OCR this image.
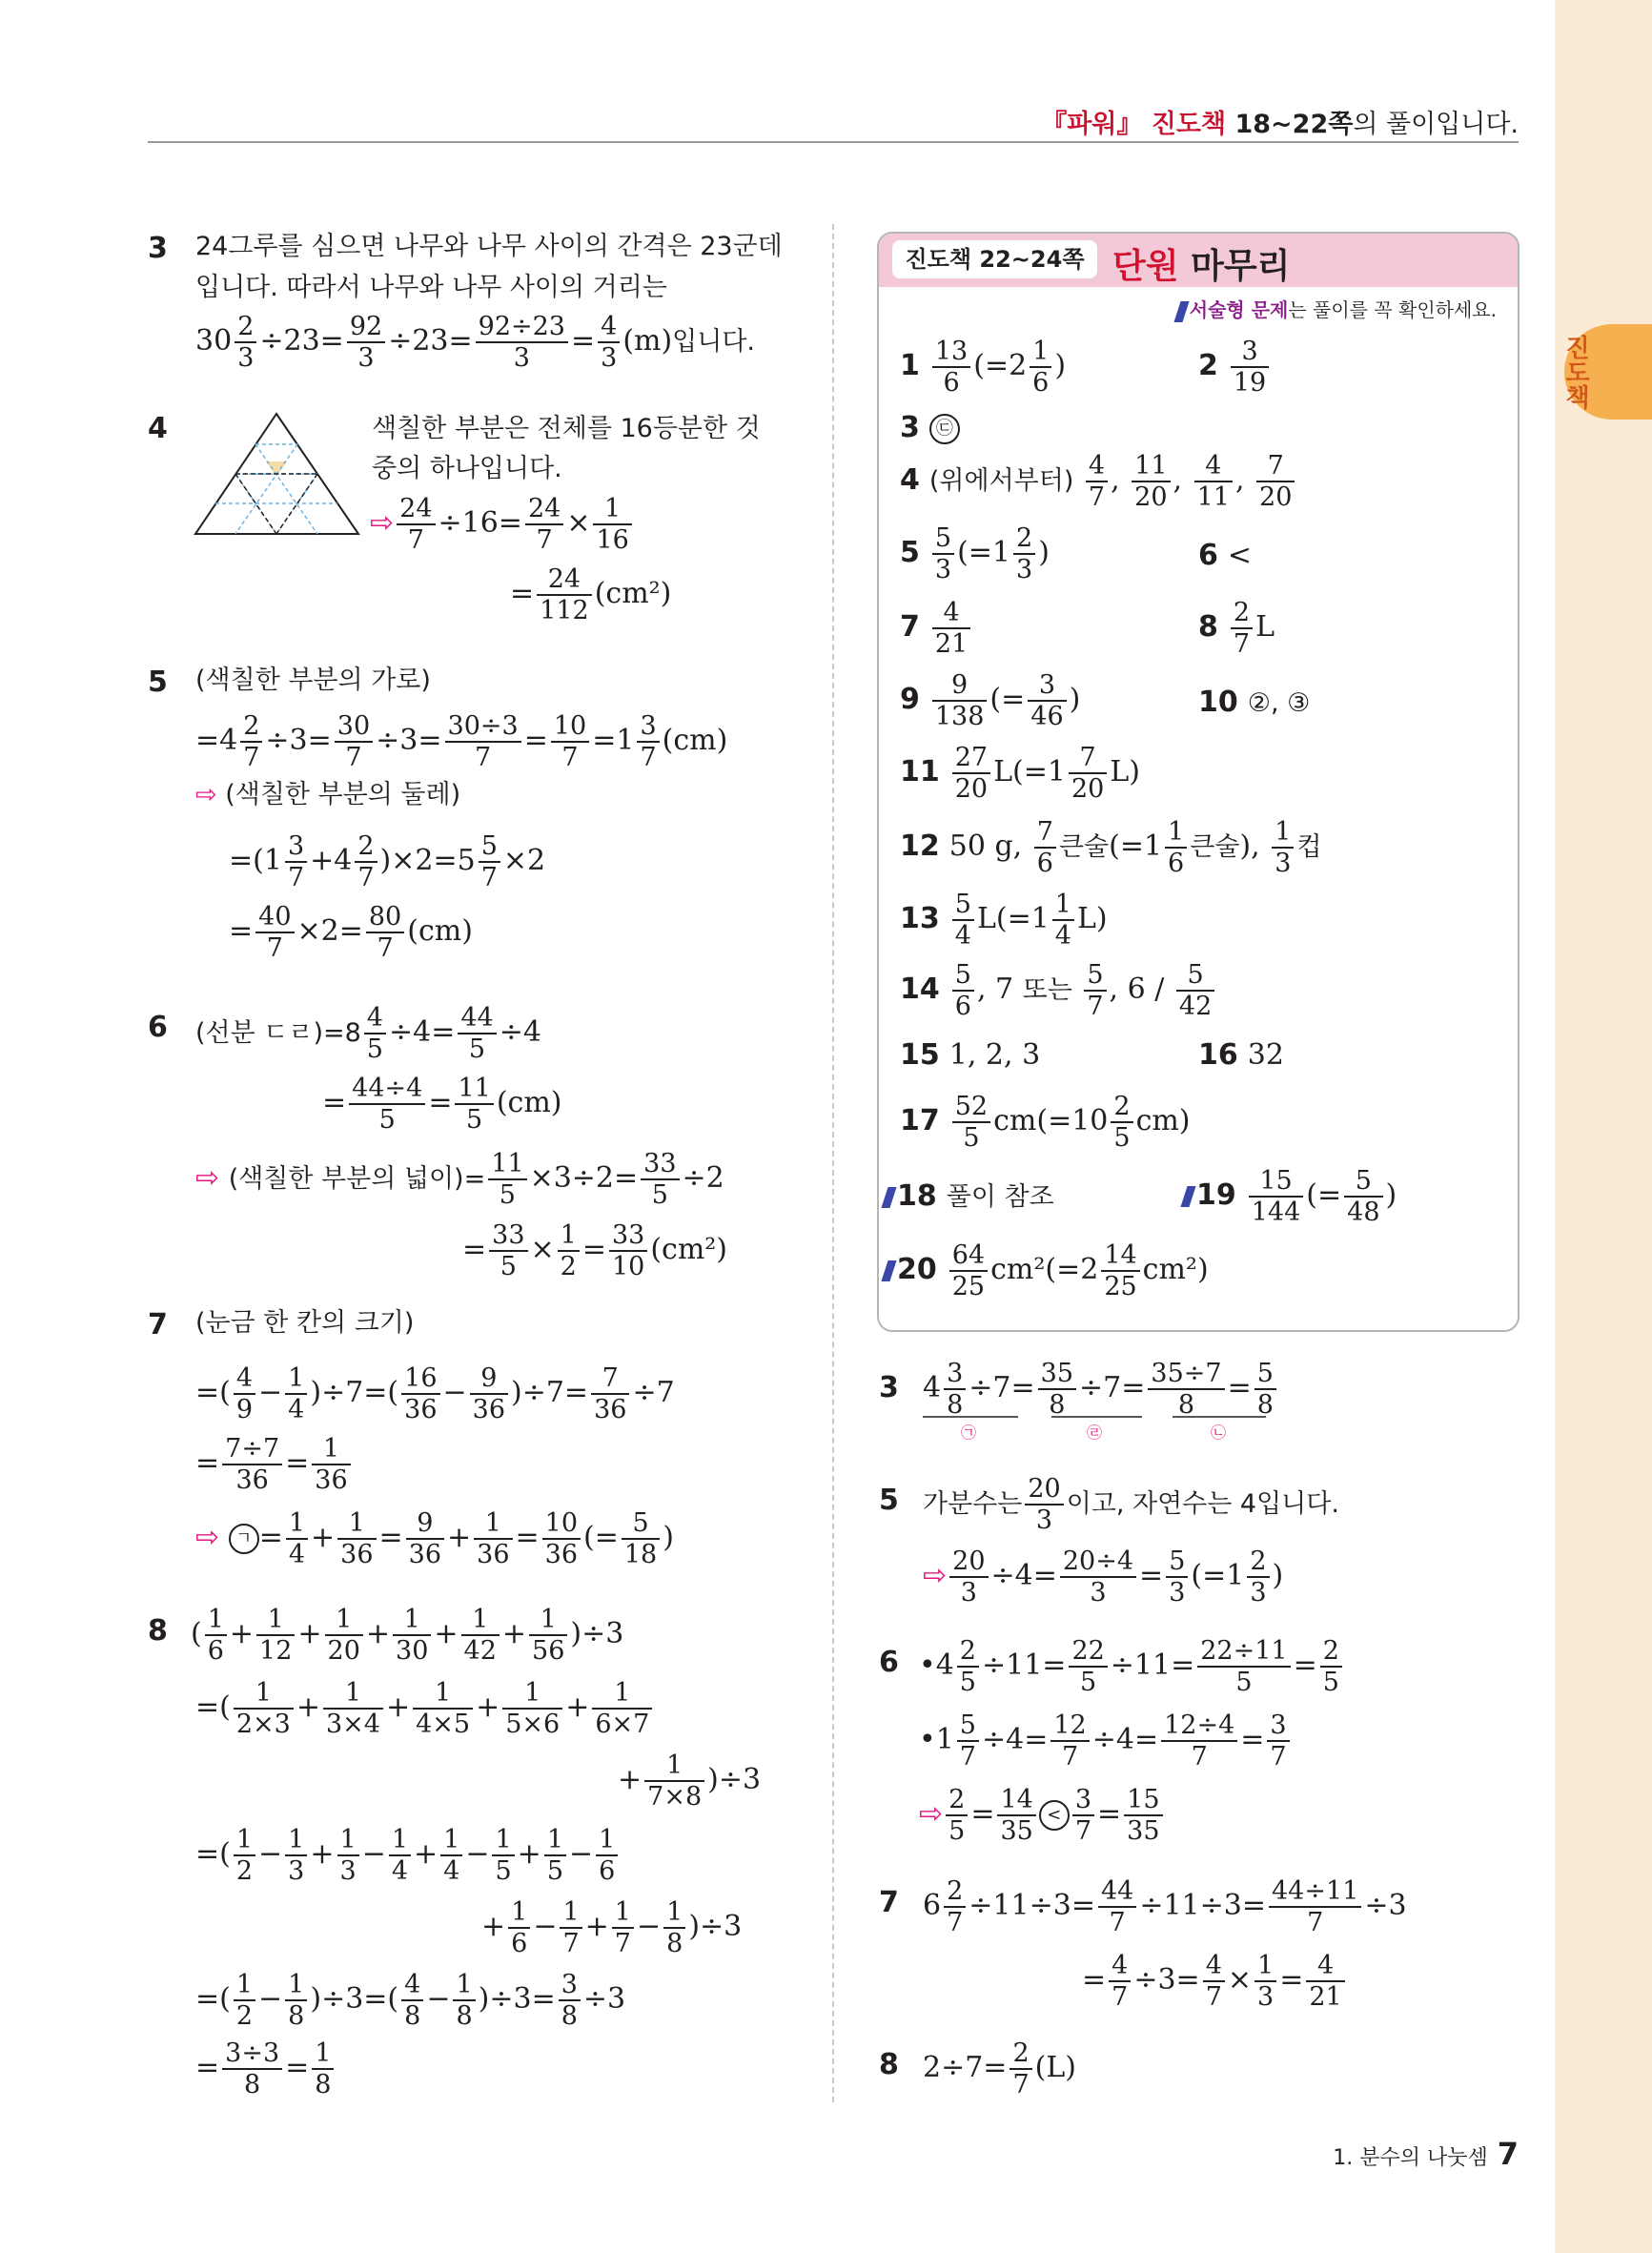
진도책
『파워』 진도책 18~22쪽의 풀이입니다.
3 24그루를 심으면 나무와 나무 사이의 간격은 23군데
입니다. 따라서 나무와 나무 사이의 거리는
$30 \frac{2}{3} \div 23= \frac{92}{3} \div 23= \frac{92\div 23}{3} = \frac{4}{3} (m)$입니다.
4	색칠한 부분은 전체를 16등분한 것
중의 하나입니다.
⇨ $\frac{24}{7} \div 16= \frac{24}{7} \times \frac{1}{16}$
= $\frac{24}{112} (cm^2)$
5 (색칠한 부분의 가로)
$=4 \frac{2}{7} \div 3= \frac{30}{7} \div 3= \frac{30\div 3}{7} = \frac{10}{7} =1 \frac{3}{7} (cm)$
⇨ (색칠한 부분의 둘레)
$=(1 \frac{3}{7} +4 \frac{2}{7} )\times 2=5 \frac{5}{7} \times 2$
= $\frac{40}{7} \times 2= \frac{80}{7} (cm)$
6 (선분 ㄷㄹ)$=8 \frac{4}{5} \div 4= \frac{44}{5} \div 4$
= $\frac{44\div 4}{5} = \frac{11}{5} (cm)$
⇨ (색칠한 부분의 넓이)= $\frac{11}{5} \times 3\div 2= \frac{33}{5} \div 2$
= $\frac{33}{5} \times \frac{1}{2} = \frac{33}{10} (cm^2)$
7 (눈금 한 칸의 크기)
=( $\frac{4}{9} - \frac{1}{4} )\div 7=( \frac{16}{36} - \frac{9}{36} )\div 7= \frac{7}{36} \div 7$
= $\frac{7\div 7}{36} = \frac{1}{36}$
⇨ ㄱ = $\frac{1}{4} + \frac{1}{36} = \frac{9}{36} + \frac{1}{36} = \frac{10}{36}$ (= $\frac{5}{18}$ )
8 ( $\frac{1}{6} + \frac{1}{12} + \frac{1}{20} + \frac{1}{30} + \frac{1}{42} + \frac{1}{56} )\div 3$
=( $\frac{1}{2\times 3} + \frac{1}{3\times 4} + \frac{1}{4\times 5} + \frac{1}{5\times 6} + \frac{1}{6\times 7}$
+ $\frac{1}{7\times 8} )\div 3$
=( $\frac{1}{2} - \frac{1}{3} + \frac{1}{3} - \frac{1}{4} + \frac{1}{4} - \frac{1}{5} + \frac{1}{5} - \frac{1}{6}$
+ $\frac{1}{6} - \frac{1}{7} + \frac{1}{7} - \frac{1}{8} )\div 3$
=( $\frac{1}{2} - \frac{1}{8} )\div 3=( \frac{4}{8} - \frac{1}{8} )\div 3= \frac{3}{8} \div 3$
= $\frac{3\div 3}{8} = \frac{1}{8}$
진도책 22~24쪽 단원 마무리
서술형 문제는 풀이를 꼭 확인하세요.
$1 \frac{13}{6} (=2 \frac{1}{6}$ )	$2 \frac{3}{19}$
3 ㉢
4 (위에서부터) $\frac{4}{7}$ , $\frac{11}{20}$ , $\frac{4}{11}$ , $\frac{7}{20}$
$5 \frac{5}{3} (=1 \frac{2}{3}$ )	6 <
$7 \frac{4}{21}$	$8 \frac{2}{7}$ L
$9 \frac{9}{138}$ (= $\frac{3}{46}$ )	10 ②, ③
$11 \frac{27}{20} L(=1 \frac{7}{20} L)$
12 50 g, $\frac{7}{6}$ 큰술($=1 \frac{1}{6}$ 큰술), $\frac{1}{3}$ 컵
$13 \frac{5}{4} L(=1 \frac{1}{4} L)$
$14 \frac{5}{6}$ , 7 또는 $\frac{5}{7}$ , $6 / \frac{5}{42}$
15 1, 2, 3	16 32
$17 \frac{52}{5} cm(=10 \frac{2}{5} cm)$
18 풀이 참조	$19 \frac{15}{144}$ (= $\frac{5}{48}$ )
$20 \frac{64}{25} cm^2(=2 \frac{14}{25} cm^2)$
3 $4 \frac{3}{8} \div 7= \frac{35}{8} \div 7= \frac{35\div 7}{8} = \frac{5}{8}$
㉠	㉣	㉡
5 가분수는 $\frac{20}{3}$ 이고, 자연수는 4입니다.
⇨ $\frac{20}{3} \div 4= \frac{20\div 4}{3} = \frac{5}{3} (=1 \frac{2}{3}$ )
6 •4 $\frac{2}{5} \div 11= \frac{22}{5} \div 11= \frac{22\div 11}{5} = \frac{2}{5}$
•1 $\frac{5}{7} \div 4= \frac{12}{7} \div 4= \frac{12\div 4}{7} = \frac{3}{7}$
⇨ $\frac{2}{5} = \frac{14}{35} < \frac{3}{7} = \frac{15}{35}$
7 $6 \frac{2}{7} \div 11\div 3= \frac{44}{7} \div 11\div 3= \frac{44\div 11}{7} \div 3$
= $\frac{4}{7} \div 3= \frac{4}{7} \times \frac{1}{3} = \frac{4}{21}$
8 $2\div 7= \frac{2}{7} (L)$
1. 분수의 나눗셈 7
